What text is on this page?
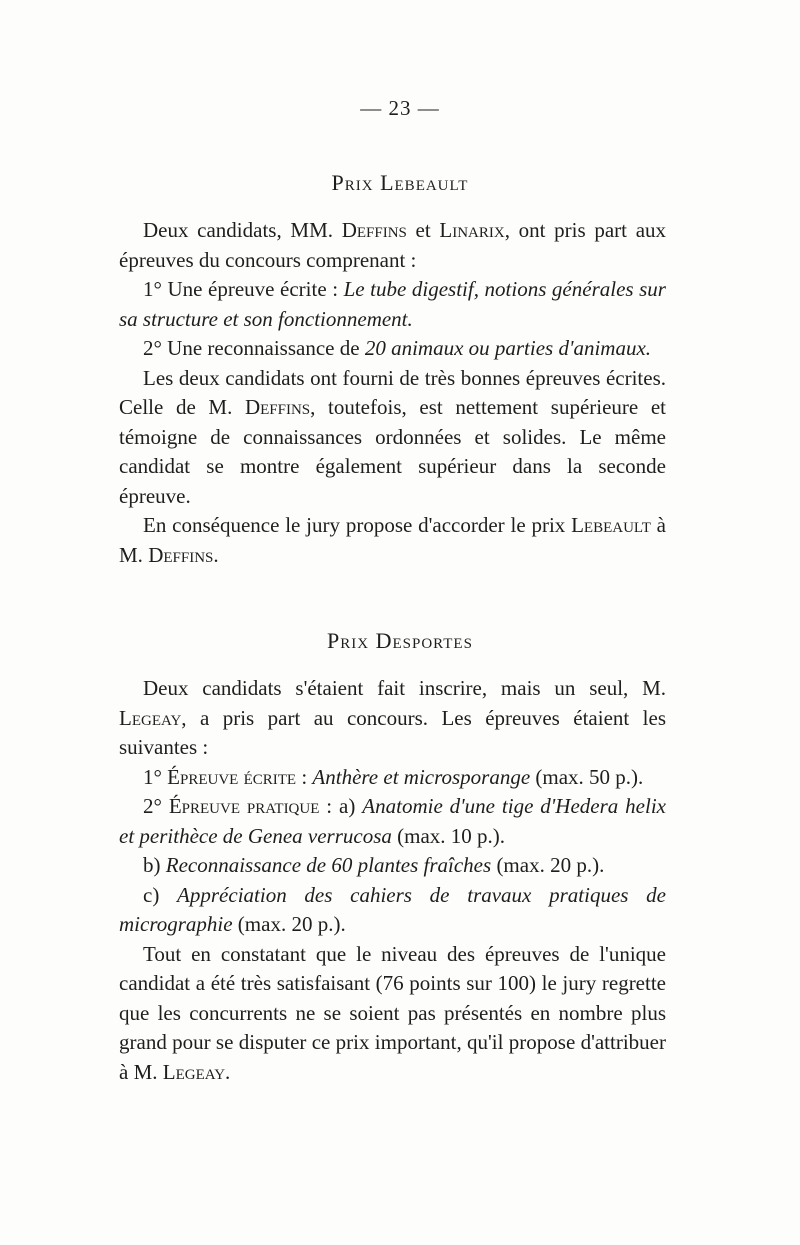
— 23 —
Prix Lebeault

Deux candidats, MM. Deffins et Linarix, ont pris part aux épreuves du concours comprenant :

1° Une épreuve écrite : Le tube digestif, notions générales sur sa structure et son fonctionnement.

2° Une reconnaissance de 20 animaux ou parties d'animaux.

Les deux candidats ont fourni de très bonnes épreuves écrites. Celle de M. Deffins, toutefois, est nettement supérieure et témoigne de connaissances ordonnées et solides. Le même candidat se montre également supérieur dans la seconde épreuve.

En conséquence le jury propose d'accorder le prix Lebeault à M. Deffins.

Prix Desportes

Deux candidats s'étaient fait inscrire, mais un seul, M. Legeay, a pris part au concours. Les épreuves étaient les suivantes :

1° Épreuve écrite : Anthère et microsporange (max. 50 p.).

2° Épreuve pratique : a) Anatomie d'une tige d'Hedera helix et perithèce de Genea verrucosa (max. 10 p.).

b) Reconnaissance de 60 plantes fraîches (max. 20 p.).

c) Appréciation des cahiers de travaux pratiques de micrographie (max. 20 p.).

Tout en constatant que le niveau des épreuves de l'unique candidat a été très satisfaisant (76 points sur 100) le jury regrette que les concurrents ne se soient pas présentés en nombre plus grand pour se disputer ce prix important, qu'il propose d'attribuer à M. Legeay.
